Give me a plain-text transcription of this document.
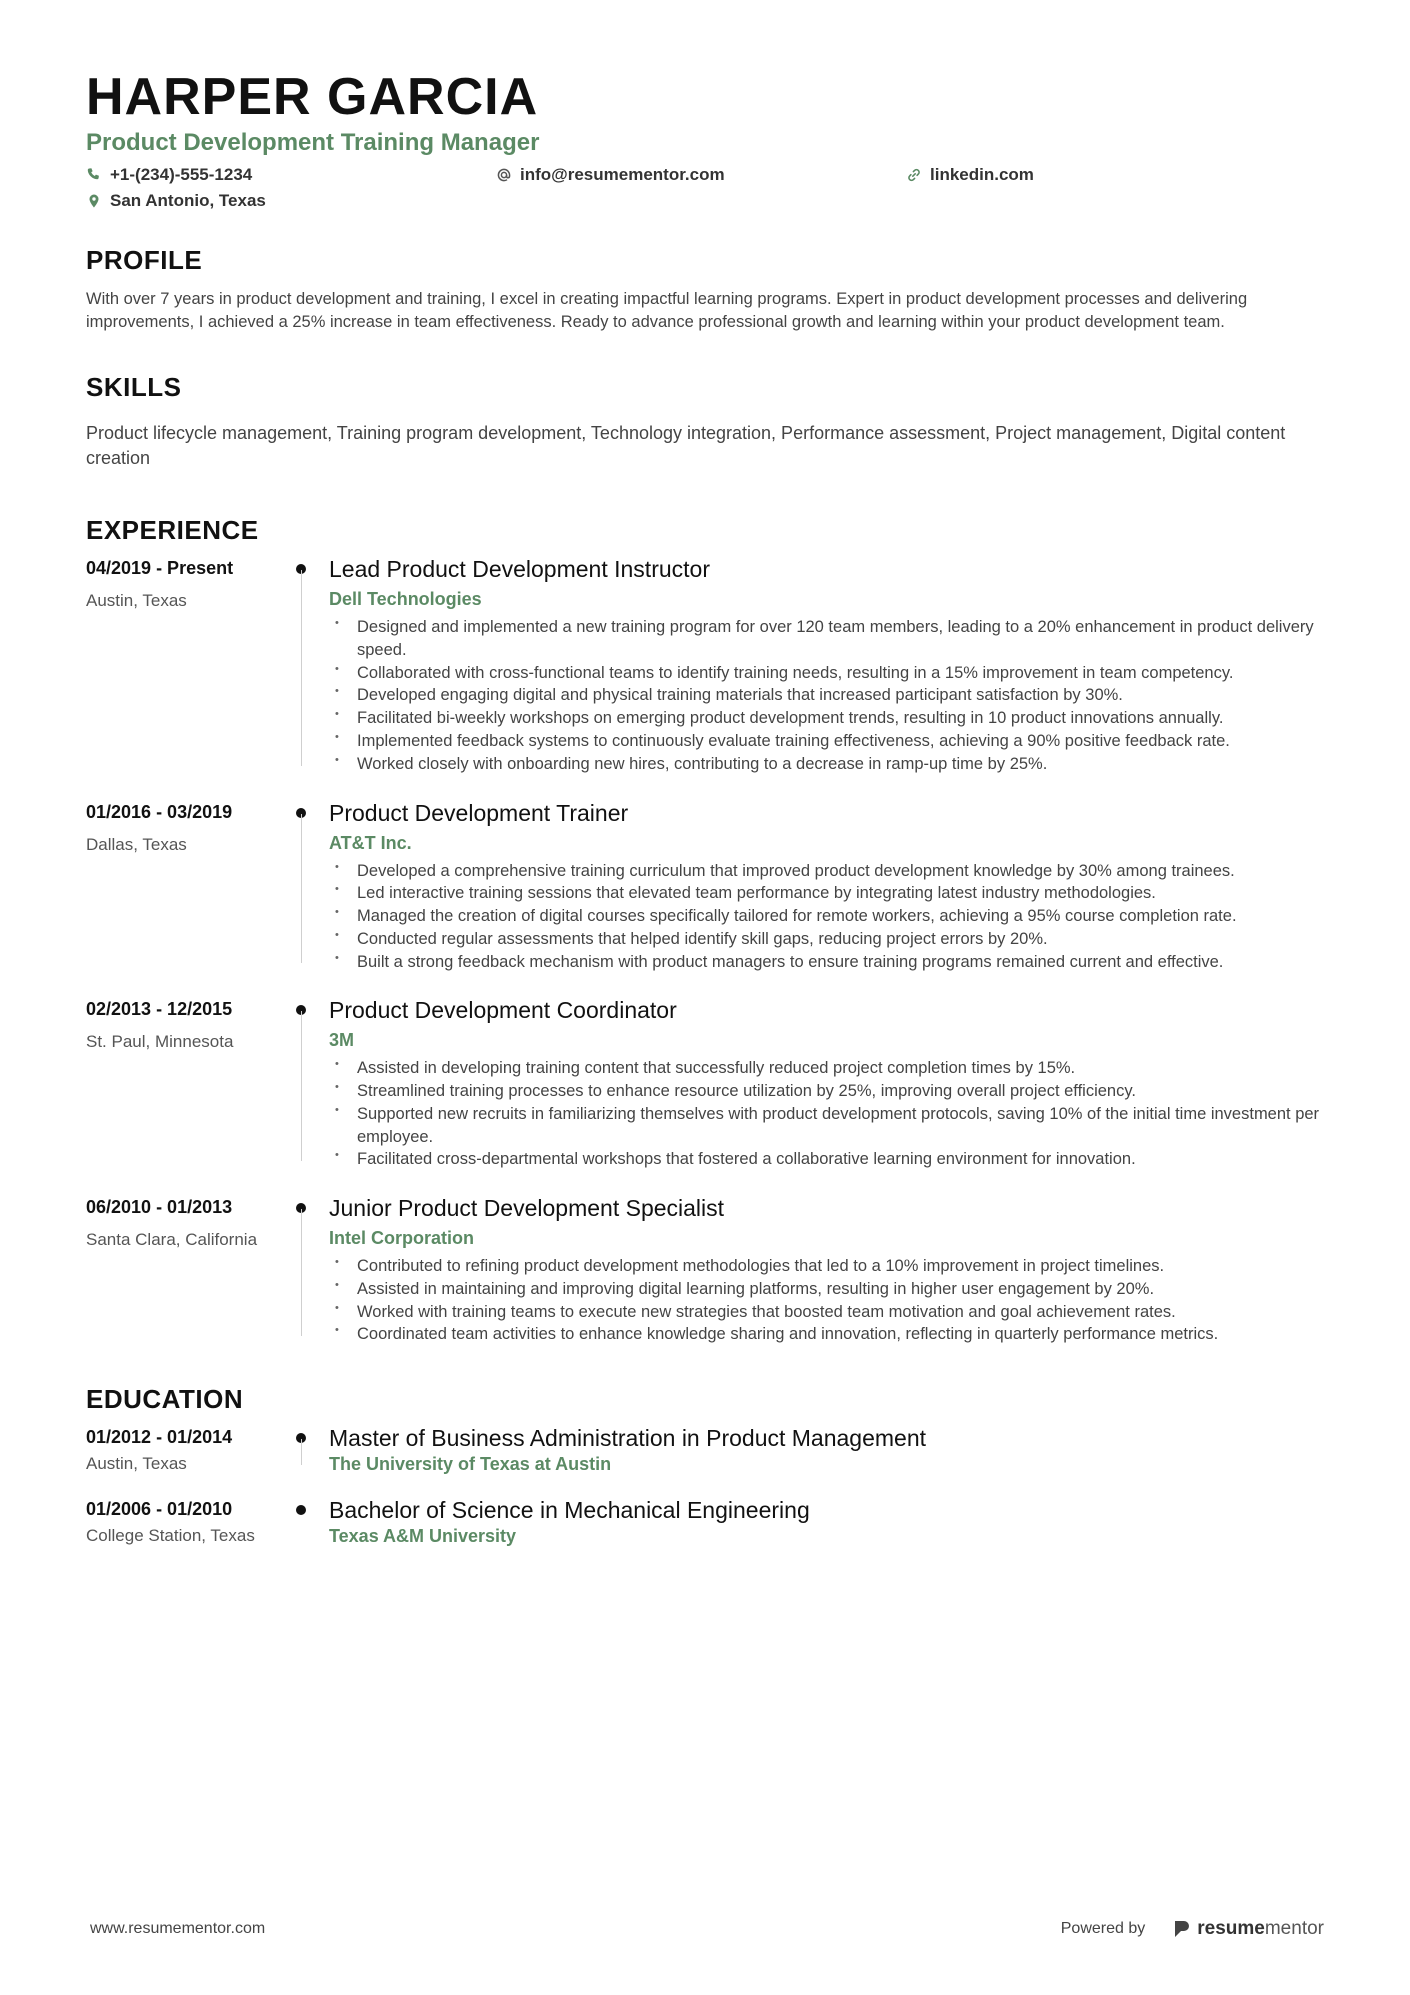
HARPER GARCIA
Product Development Training Manager
+1-(234)-555-1234	info@resumementor.com	linkedin.com
San Antonio, Texas
PROFILE

With over 7 years in product development and training, I excel in creating impactful learning programs. Expert in product development processes and delivering improvements, I achieved a 25% increase in team effectiveness. Ready to advance professional growth and learning within your product development team.

SKILLS
Product lifecycle management, Training program development, Technology integration, Performance assessment, Project management, Digital content creation
EXPERIENCE
04/2019 - Present
Austin, Texas
Lead Product Development Instructor
Dell Technologies
• Designed and implemented a new training program for over 120 team members, leading to a 20% enhancement in product delivery speed.
• Collaborated with cross-functional teams to identify training needs, resulting in a 15% improvement in team competency.
• Developed engaging digital and physical training materials that increased participant satisfaction by 30%.
• Facilitated bi-weekly workshops on emerging product development trends, resulting in 10 product innovations annually.
• Implemented feedback systems to continuously evaluate training effectiveness, achieving a 90% positive feedback rate.
• Worked closely with onboarding new hires, contributing to a decrease in ramp-up time by 25%.
01/2016 - 03/2019
Dallas, Texas
Product Development Trainer
AT&T Inc.
• Developed a comprehensive training curriculum that improved product development knowledge by 30% among trainees.
• Led interactive training sessions that elevated team performance by integrating latest industry methodologies.
• Managed the creation of digital courses specifically tailored for remote workers, achieving a 95% course completion rate.
• Conducted regular assessments that helped identify skill gaps, reducing project errors by 20%.
• Built a strong feedback mechanism with product managers to ensure training programs remained current and effective.
02/2013 - 12/2015
St. Paul, Minnesota
Product Development Coordinator
3M
• Assisted in developing training content that successfully reduced project completion times by 15%.
• Streamlined training processes to enhance resource utilization by 25%, improving overall project efficiency.
• Supported new recruits in familiarizing themselves with product development protocols, saving 10% of the initial time investment per employee.
• Facilitated cross-departmental workshops that fostered a collaborative learning environment for innovation.
06/2010 - 01/2013
Santa Clara, California
Junior Product Development Specialist
Intel Corporation
• Contributed to refining product development methodologies that led to a 10% improvement in project timelines.
• Assisted in maintaining and improving digital learning platforms, resulting in higher user engagement by 20%.
• Worked with training teams to execute new strategies that boosted team motivation and goal achievement rates.
• Coordinated team activities to enhance knowledge sharing and innovation, reflecting in quarterly performance metrics.
EDUCATION
01/2012 - 01/2014
Austin, Texas
Master of Business Administration in Product Management
The University of Texas at Austin
01/2006 - 01/2010
College Station, Texas
Bachelor of Science in Mechanical Engineering
Texas A&M University
www.resumementor.com	Powered by	resumementor
